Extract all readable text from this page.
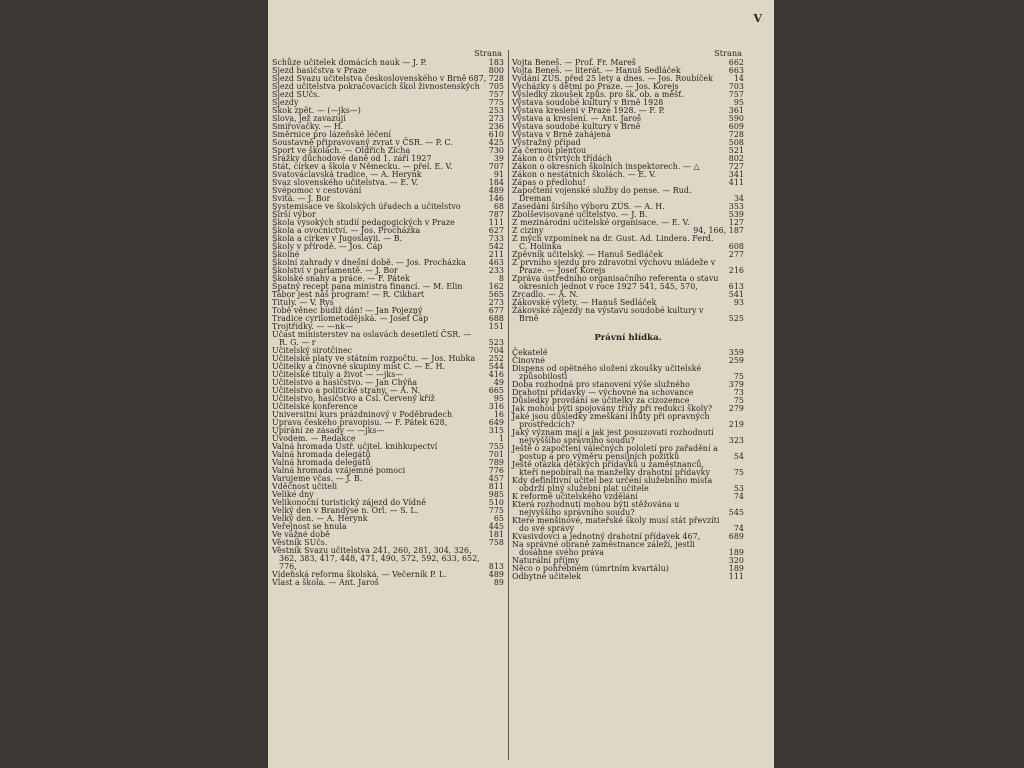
V
Strana
Schůze učitelek domácích nauk — J. P.	183
Sjezd hasičstva v Praze	800
Sjezd Svazu učitelstva československého v Brně 687, 728
Sjezd učitelstva pokračovacích škol živnostenských 705
Sjezd SUčs.	757
Sjezdy	775
Skok zpět. — (—jks—)	253
Slova, jež zavazují	273
Smiřovačky. — H.	236
Směrnice pro lázeňské léčení	610
Soustavně připravovaný zvrat v ČSR. — P. C.	425
Sport ve školách. — Oldřich Zícha	730
Srážky důchodové daně od 1. září 1927	39
Stát, církev a škola v Německu. — přel. E. V.	707
Svatováclavská tradice. — A. Herynk	91
Svaz slovenského učitelstva. — E. V.	184
Svépomoc v cestování	489
Svitá. — J. Bor	146
Systemisace ve školských úřadech a učitelstvo	68
Širší výbor	787
Škola vysokých studií pedagogických v Praze	111
Škola a ovocnictví. — Jos. Procházka	627
Škola a církev v Jugoslavii. — B.	733
Školy v přírodě. — Jos. Čáp	542
Školné	211
Školní zahrady v dnešní době. — Jos. Procházka	463
Školství v parlamentě. — J. Bor	233
Školské snahy a práce. — F. Pátek	8
Špatný recept pana ministra financí. — M. Elin	162
Tábor jest náš program! — R. Cikhart	565
Tituly. — V. Rys	273
Tobě věnec budiž dán! — Jan Pojezný	677
Tradice cyrilometodějská. — Josef Čáp	688
Trojtřídky. — —nk—	151
Účast ministerstev na oslavách desetiletí ČSR. — R. G. — r	523
Učitelský sirotčinec	704
Učitelské platy ve státním rozpočtu. — Jos. Hubka 252
Učitelky a činovné skupiny míst C. — E. H.	544
Učitelské tituly a život — —jks—	416
Učitelstvo a hasičstvo. — Jan Chýňa	49
Učitelstvo a politické strany. — A. N.	665
Učitelstvo, hasičstvo a Čsl. Červený kříž	95
Učitelské konference	316
Universitní kurs prázdninový v Poděbradech	16
Úprava českého pravopisu. — F. Pátek 628,	649
Upírání ze zásady — —jks—	315
Úvodem. — Redakce	1
Valná hromada Ústř. učitel. knihkupectví	755
Valná hromada delegátů	701
Valná hromada delegátů	789
Valná hromada vzájemné pomoci	776
Varujeme včas. — J. B.	457
Vděčnost učiteli	811
Veliké dny	985
Velikonoční turistický zájezd do Vídně	510
Velký den v Brandýse n. Orl. — S. L.	775
Velký den. — A. Herynk	65
Veřejnost se hnula	445
Ve vážné době	181
Věstník SUčs.	758
Věstník Svazu učitelstva 241, 260, 281, 304, 326, 362, 383, 417, 448, 471, 490, 572, 592, 633, 652, 776,	813
Vídeňská reforma školská. — Večerník P. L.	489
Vlast a škola. — Ant. Jaroš	89
Strana
Vojta Beneš. — Prof. Fr. Mareš	662
Vojta Beneš. — literát. — Hanuš Sedláček	663
Vydání ZÚS. před 25 lety a dnes. — Jos. Roubíček	14
Vycházky s dětmi po Praze. — Jos. Korejs	703
Výsledky zkoušek způs. pro šk. ob. a měšť.	757
Výstava soudobé kultury v Brně 1928	95
Výstava kreslení v Praze 1928. — F. P.	361
Výstava a kreslení. — Ant. Jaroš	590
Výstava soudobé kultury v Brně	609
Výstava v Brně zahájena	728
Výstražný případ	508
Za černou plentou	521
Zákon o čtvrtých třídách	802
Zákon o okresních školních inspektorech. — △	727
Zákon o nestátních školách. — E. V.	341
Zápas o předlohu!	411
Započtení vojenské služby do pense. — Rud. Dreman	34
Zasedání širšího výboru ZÚS. — A. H.	353
Zbolševisované učitelstvo. — J. B.	539
Z mezinárodní učitelské organisace. — E. V.	127
Z ciziny	94, 166, 187
Z mých vzpomínek na dr. Gust. Ad. Lindera. Ferd. C. Holinka	608
Zpěvník učitelský. — Hanuš Sedláček	277
Z prvního sjezdu pro zdravotní výchovu mládeže v Praze. — Josef Korejs	216
Zpráva ústředního organisačního referenta o stavu okresních jednot v roce 1927 541, 545, 570,	613
Zrcadlo. — A. N.	541
Zákovské výlety. — Hanuš Sedláček	93
Žákovské zájezdy na výstavu soudobé kultury v Brně	525
Právní hlídka.
Čekatelé	359
Činovné	259
Dispens od opětného složení zkoušky učitelské způsobilosti	75
Doba rozhodná pro stanovení výše služného	379
Drahotní přídavky — výchovné na schovance	73
Důsledky provdání se učitelky za cizozemce	75
Jak mohou býti spojovány třídy při redukci školy? 279
Jaké jsou důsledky zmeškání lhůty při opravných prostředcích?	219
Jaký význam mají a jak jest posuzovati rozhodnutí nejvyššího správního soudu?	323
Ještě o započtení válečných pololetí pro zařadění a postup a pro výměru pensijních požitků	54
Ještě otázka dětských přídavků u zaměstnanců, kteří nepobírali na manželky drahotní přídavky	75
Kdy definitivní učitel bez určení služebního místa obdrží plný služební plat učitele	53
K reformě učitelského vzdělání	74
Která rozhodnutí mohou býti stěžována u nejvyššího správního soudu?	545
Které menšinové, mateřské školy musí stát převzíti do své správy	74
Kvasivdovci a jednotný drahotní přídavek 467,	689
Na správné obraně zaměstnance záleží, jestli dosáhne svého práva	189
Naturální příjmy	320
Něco o pohřebném (úmrtním kvartálu)	189
Odbytné učitelek	111
